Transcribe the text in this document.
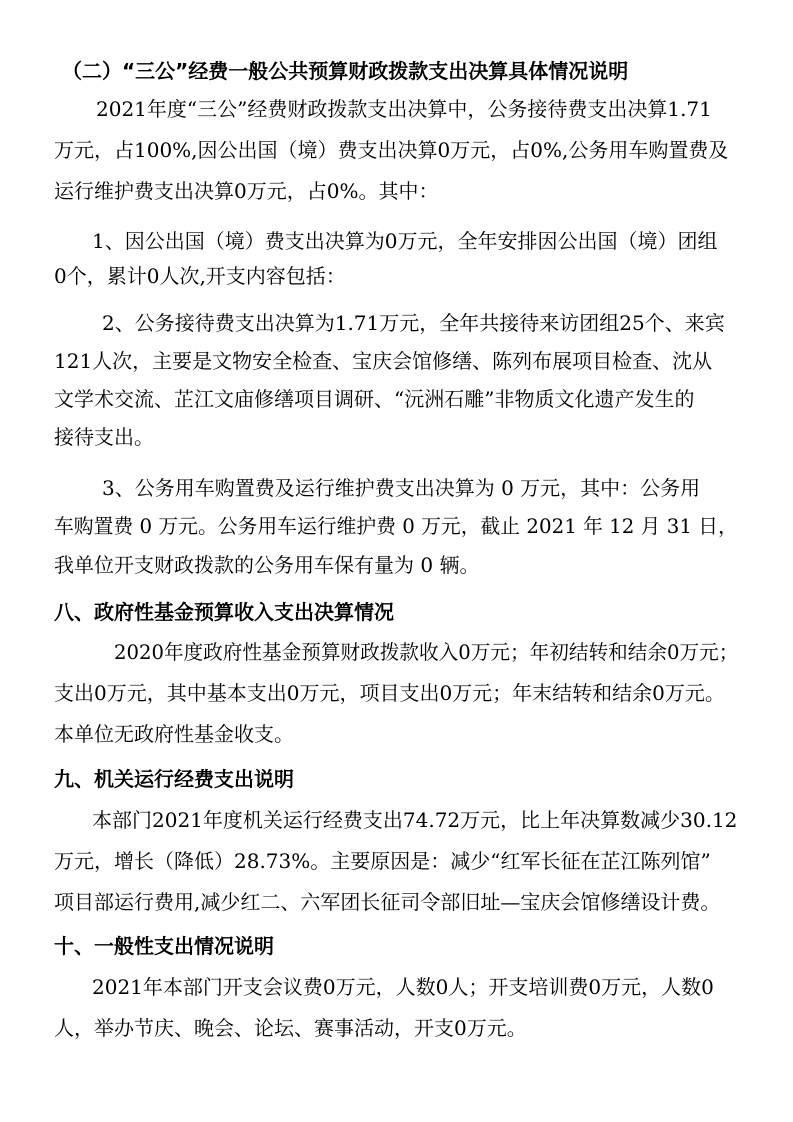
（二）“三公”经费一般公共预算财政拨款支出决算具体情况说明
2021年度“三公”经费财政拨款支出决算中，公务接待费支出决算1.71
万元，占100%,因公出国（境）费支出决算0万元，占0%,公务用车购置费及
运行维护费支出决算0万元，占0%。其中：
1、因公出国（境）费支出决算为0万元，全年安排因公出国（境）团组
0个，累计0人次,开支内容包括：
2、公务接待费支出决算为1.71万元，全年共接待来访团组25个、来宾
121人次，主要是文物安全检查、宝庆会馆修缮、陈列布展项目检查、沈从
文学术交流、芷江文庙修缮项目调研、“沅洲石雕”非物质文化遗产发生的
接待支出。
3、公务用车购置费及运行维护费支出决算为 0 万元，其中：公务用
车购置费 0 万元。公务用车运行维护费 0 万元，截止 2021 年 12 月 31 日，
我单位开支财政拨款的公务用车保有量为 0 辆。
八、政府性基金预算收入支出决算情况
2020年度政府性基金预算财政拨款收入0万元；年初结转和结余0万元；
支出0万元，其中基本支出0万元，项目支出0万元；年末结转和结余0万元。
本单位无政府性基金收支。
九、机关运行经费支出说明
本部门2021年度机关运行经费支出74.72万元，比上年决算数减少30.12
万元，增长（降低）28.73%。主要原因是：减少“红军长征在芷江陈列馆”
项目部运行费用,减少红二、六军团长征司令部旧址—宝庆会馆修缮设计费。
十、一般性支出情况说明
2021年本部门开支会议费0万元，人数0人；开支培训费0万元，人数0
人，举办节庆、晚会、论坛、赛事活动，开支0万元。
